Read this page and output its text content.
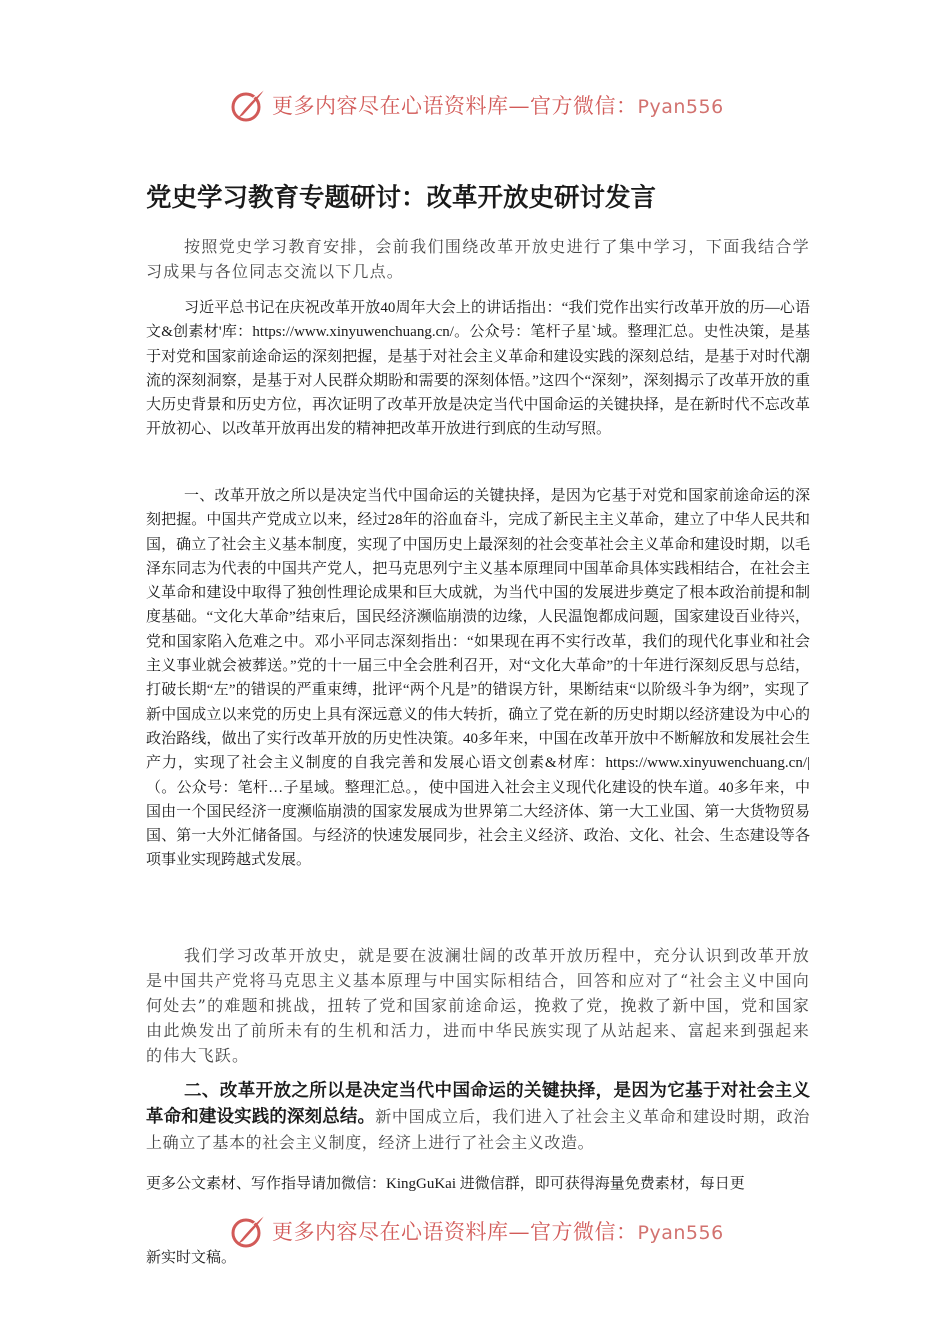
更多内容尽在心语资料库—官方微信：Pyan556
党史学习教育专题研讨：改革开放史研讨发言

按照党史学习教育安排，会前我们围绕改革开放史进行了集中学习，下面我结合学习成果与各位同志交流以下几点。

习近平总书记在庆祝改革开放40周年大会上的讲话指出：“我们党作出实行改革开放的历—心语文&创素材'库：https://www.xinyuwenchuang.cn/。公众号：笔杆子星`域。整理汇总。史性决策，是基于对党和国家前途命运的深刻把握，是基于对社会主义革命和建设实践的深刻总结，是基于对时代潮流的深刻洞察，是基于对人民群众期盼和需要的深刻体悟。”这四个“深刻”，深刻揭示了改革开放的重大历史背景和历史方位，再次证明了改革开放是决定当代中国命运的关键抉择，是在新时代不忘改革开放初心、以改革开放再出发的精神把改革开放进行到底的生动写照。

一、改革开放之所以是决定当代中国命运的关键抉择，是因为它基于对党和国家前途命运的深刻把握。中国共产党成立以来，经过28年的浴血奋斗，完成了新民主主义革命，建立了中华人民共和国，确立了社会主义基本制度，实现了中国历史上最深刻的社会变革社会主义革命和建设时期，以毛泽东同志为代表的中国共产党人，把马克思列宁主义基本原理同中国革命具体实践相结合，在社会主义革命和建设中取得了独创性理论成果和巨大成就，为当代中国的发展进步奠定了根本政治前提和制度基础。“文化大革命”结束后，国民经济濒临崩溃的边缘，人民温饱都成问题，国家建设百业待兴，党和国家陷入危难之中。邓小平同志深刻指出：“如果现在再不实行改革，我们的现代化事业和社会主义事业就会被葬送。”党的十一届三中全会胜利召开，对“文化大革命”的十年进行深刻反思与总结，打破长期“左”的错误的严重束缚，批评“两个凡是”的错误方针，果断结束“以阶级斗争为纲”，实现了新中国成立以来党的历史上具有深远意义的伟大转折，确立了党在新的历史时期以经济建设为中心的政治路线，做出了实行改革开放的历史性决策。40多年来，中国在改革开放中不断解放和发展社会生产力，实现了社会主义制度的自我完善和发展心语文创素&材库：https://www.xinyuwenchuang.cn/|（。公众号：笔杆…子星域。整理汇总。，使中国进入社会主义现代化建设的快车道。40多年来，中国由一个国民经济一度濒临崩溃的国家发展成为世界第二大经济体、第一大工业国、第一大货物贸易国、第一大外汇储备国。与经济的快速发展同步，社会主义经济、政治、文化、社会、生态建设等各项事业实现跨越式发展。

我们学习改革开放史，就是要在波澜壮阔的改革开放历程中，充分认识到改革开放是中国共产党将马克思主义基本原理与中国实际相结合，回答和应对了“社会主义中国向何处去”的难题和挑战，扭转了党和国家前途命运，挽救了党，挽救了新中国，党和国家由此焕发出了前所未有的生机和活力，进而中华民族实现了从站起来、富起来到强起来的伟大飞跃。

二、改革开放之所以是决定当代中国命运的关键抉择，是因为它基于对社会主义革命和建设实践的深刻总结。新中国成立后，我们进入了社会主义革命和建设时期，政治上确立了基本的社会主义制度，经济上进行了社会主义改造。

更多公文素材、写作指导请加微信：KingGuKai 进微信群，即可获得海量免费素材，每日更

更多内容尽在心语资料库—官方微信：Pyan556

新实时文稿。
